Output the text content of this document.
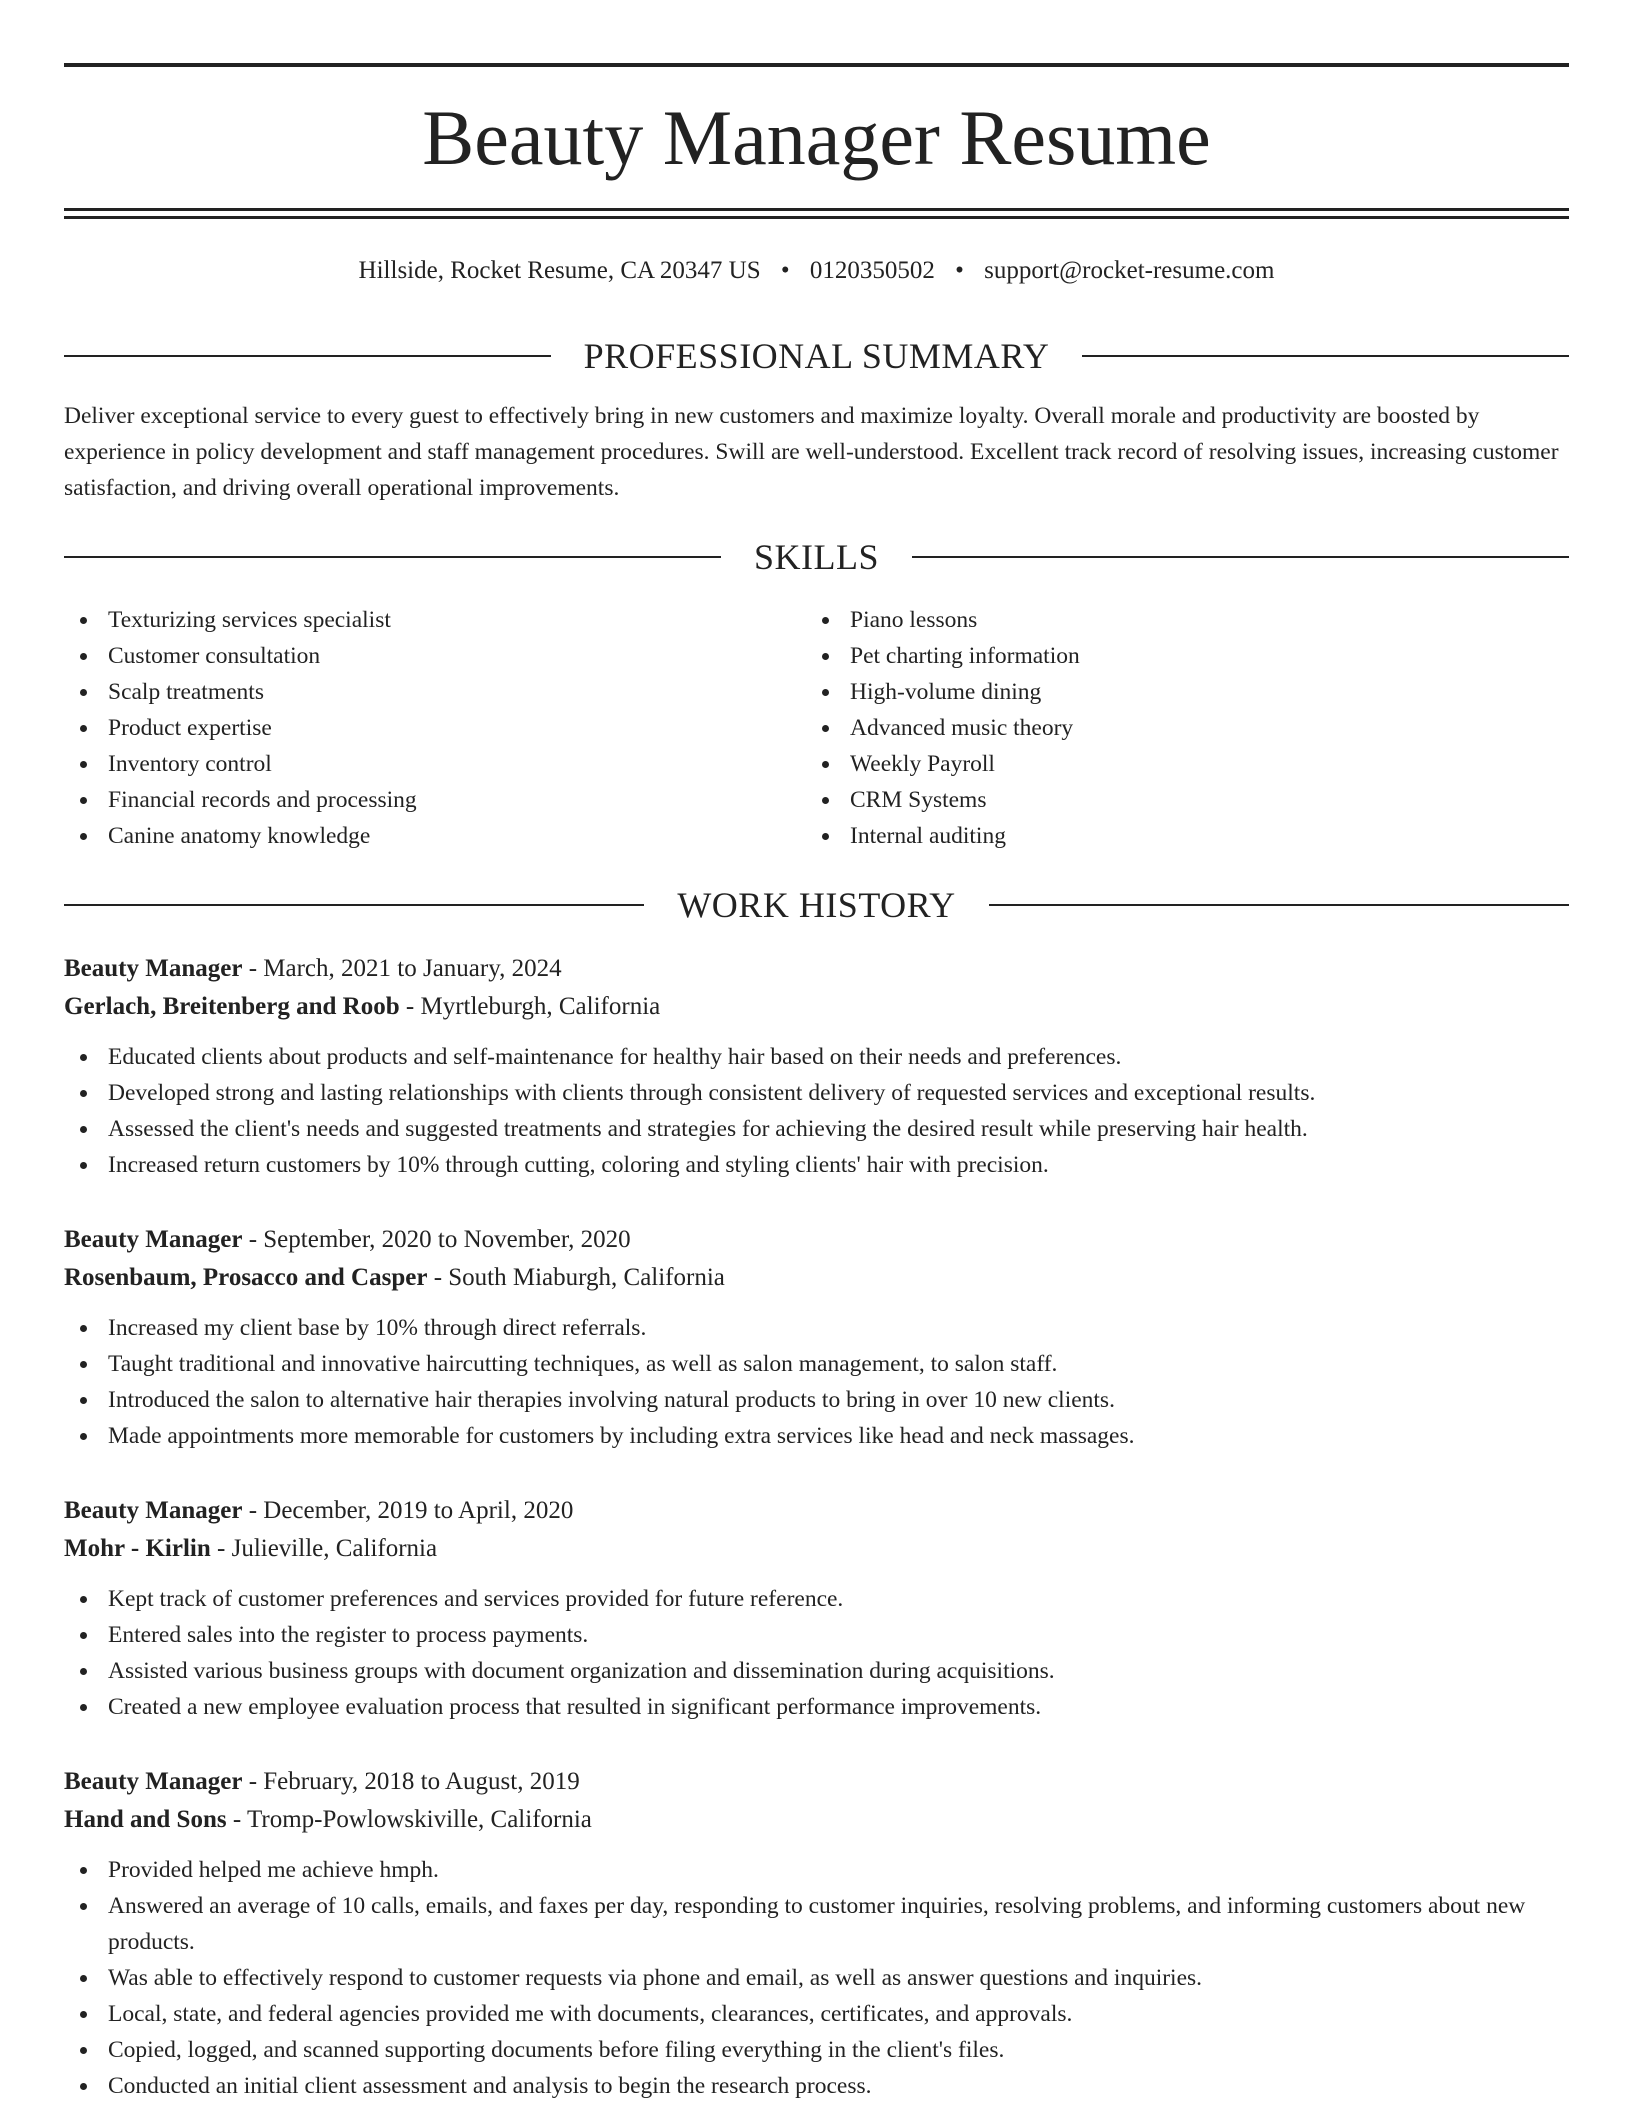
Beauty Manager Resume
Hillside, Rocket Resume, CA 20347 US • 0120350502 • support@rocket-resume.com
PROFESSIONAL SUMMARY

Deliver exceptional service to every guest to effectively bring in new customers and maximize loyalty. Overall morale and productivity are boosted by experience in policy development and staff management procedures. Swill are well-understood. Excellent track record of resolving issues, increasing customer satisfaction, and driving overall operational improvements.

SKILLS
Texturizing services specialist
Customer consultation
Scalp treatments
Product expertise
Inventory control
Financial records and processing
Canine anatomy knowledge
Piano lessons
Pet charting information
High-volume dining
Advanced music theory
Weekly Payroll
CRM Systems
Internal auditing
WORK HISTORY
Beauty Manager - March, 2021 to January, 2024
Gerlach, Breitenberg and Roob - Myrtleburgh, California
Educated clients about products and self-maintenance for healthy hair based on their needs and preferences.
Developed strong and lasting relationships with clients through consistent delivery of requested services and exceptional results.
Assessed the client's needs and suggested treatments and strategies for achieving the desired result while preserving hair health.
Increased return customers by 10% through cutting, coloring and styling clients' hair with precision.
Beauty Manager - September, 2020 to November, 2020
Rosenbaum, Prosacco and Casper - South Miaburgh, California
Increased my client base by 10% through direct referrals.
Taught traditional and innovative haircutting techniques, as well as salon management, to salon staff.
Introduced the salon to alternative hair therapies involving natural products to bring in over 10 new clients.
Made appointments more memorable for customers by including extra services like head and neck massages.
Beauty Manager - December, 2019 to April, 2020
Mohr - Kirlin - Julieville, California
Kept track of customer preferences and services provided for future reference.
Entered sales into the register to process payments.
Assisted various business groups with document organization and dissemination during acquisitions.
Created a new employee evaluation process that resulted in significant performance improvements.
Beauty Manager - February, 2018 to August, 2019
Hand and Sons - Tromp-Powlowskiville, California
Provided helped me achieve hmph.
Answered an average of 10 calls, emails, and faxes per day, responding to customer inquiries, resolving problems, and informing customers about new products.
Was able to effectively respond to customer requests via phone and email, as well as answer questions and inquiries.
Local, state, and federal agencies provided me with documents, clearances, certificates, and approvals.
Copied, logged, and scanned supporting documents before filing everything in the client's files.
Conducted an initial client assessment and analysis to begin the research process.
